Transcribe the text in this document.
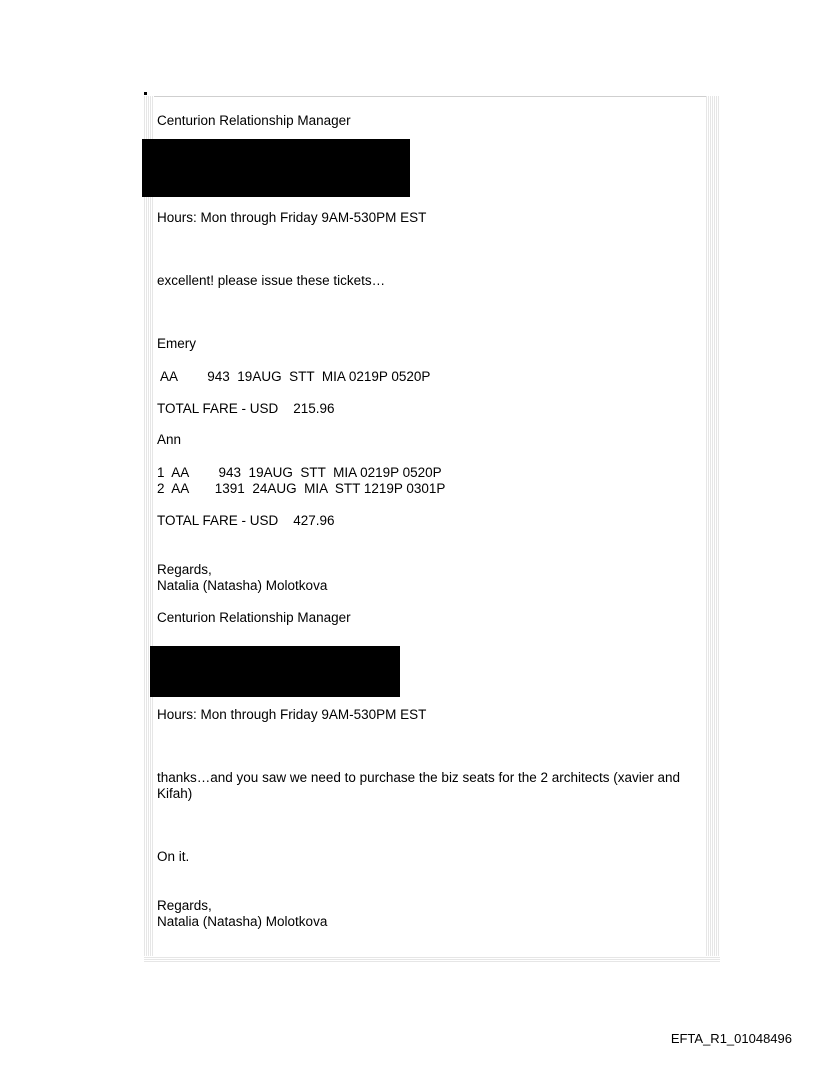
Centurion Relationship Manager
Hours: Mon through Friday 9AM-530PM EST
excellent! please issue these tickets…
Emery
AA        943  19AUG  STT  MIA 0219P 0520P
TOTAL FARE - USD    215.96
Ann
1  AA        943  19AUG  STT  MIA 0219P 0520P
2  AA       1391  24AUG  MIA  STT 1219P 0301P
TOTAL FARE - USD    427.96
Regards,
Natalia (Natasha) Molotkova
Centurion Relationship Manager
Hours: Mon through Friday 9AM-530PM EST
thanks…and you saw we need to purchase the biz seats for the 2 architects (xavier and Kifah)
On it.
Regards,
Natalia (Natasha) Molotkova
EFTA_R1_01048496
